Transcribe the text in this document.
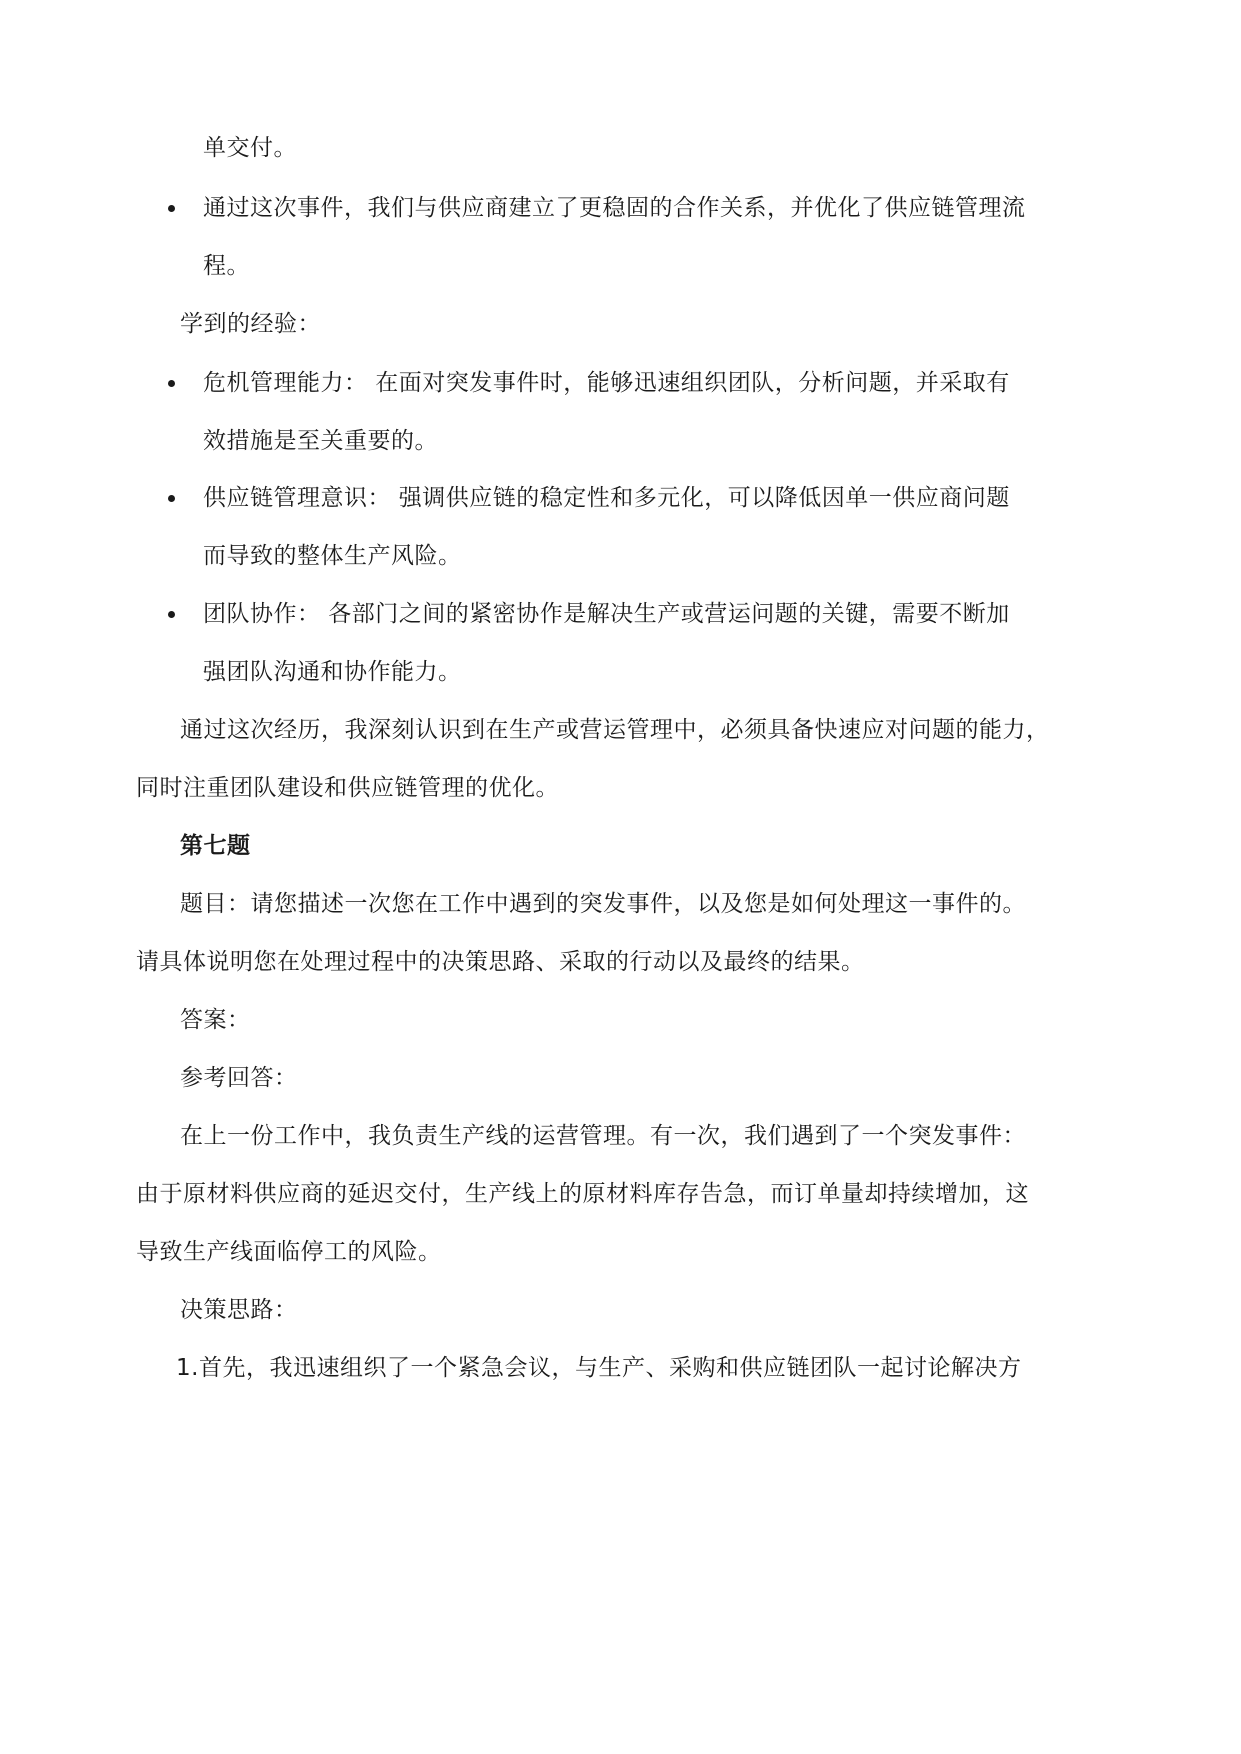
单交付。
通过这次事件，我们与供应商建立了更稳固的合作关系，并优化了供应链管理流
程。
学到的经验：
危机管理能力： 在面对突发事件时，能够迅速组织团队，分析问题，并采取有
效措施是至关重要的。
供应链管理意识： 强调供应链的稳定性和多元化，可以降低因单一供应商问题
而导致的整体生产风险。
团队协作： 各部门之间的紧密协作是解决生产或营运问题的关键，需要不断加
强团队沟通和协作能力。
通过这次经历，我深刻认识到在生产或营运管理中，必须具备快速应对问题的能力，
同时注重团队建设和供应链管理的优化。
第七题
题目：请您描述一次您在工作中遇到的突发事件，以及您是如何处理这一事件的。
请具体说明您在处理过程中的决策思路、采取的行动以及最终的结果。
答案：
参考回答：
在上一份工作中，我负责生产线的运营管理。有一次，我们遇到了一个突发事件：
由于原材料供应商的延迟交付，生产线上的原材料库存告急，而订单量却持续增加，这
导致生产线面临停工的风险。
决策思路：
1.首先，我迅速组织了一个紧急会议，与生产、采购和供应链团队一起讨论解决方
